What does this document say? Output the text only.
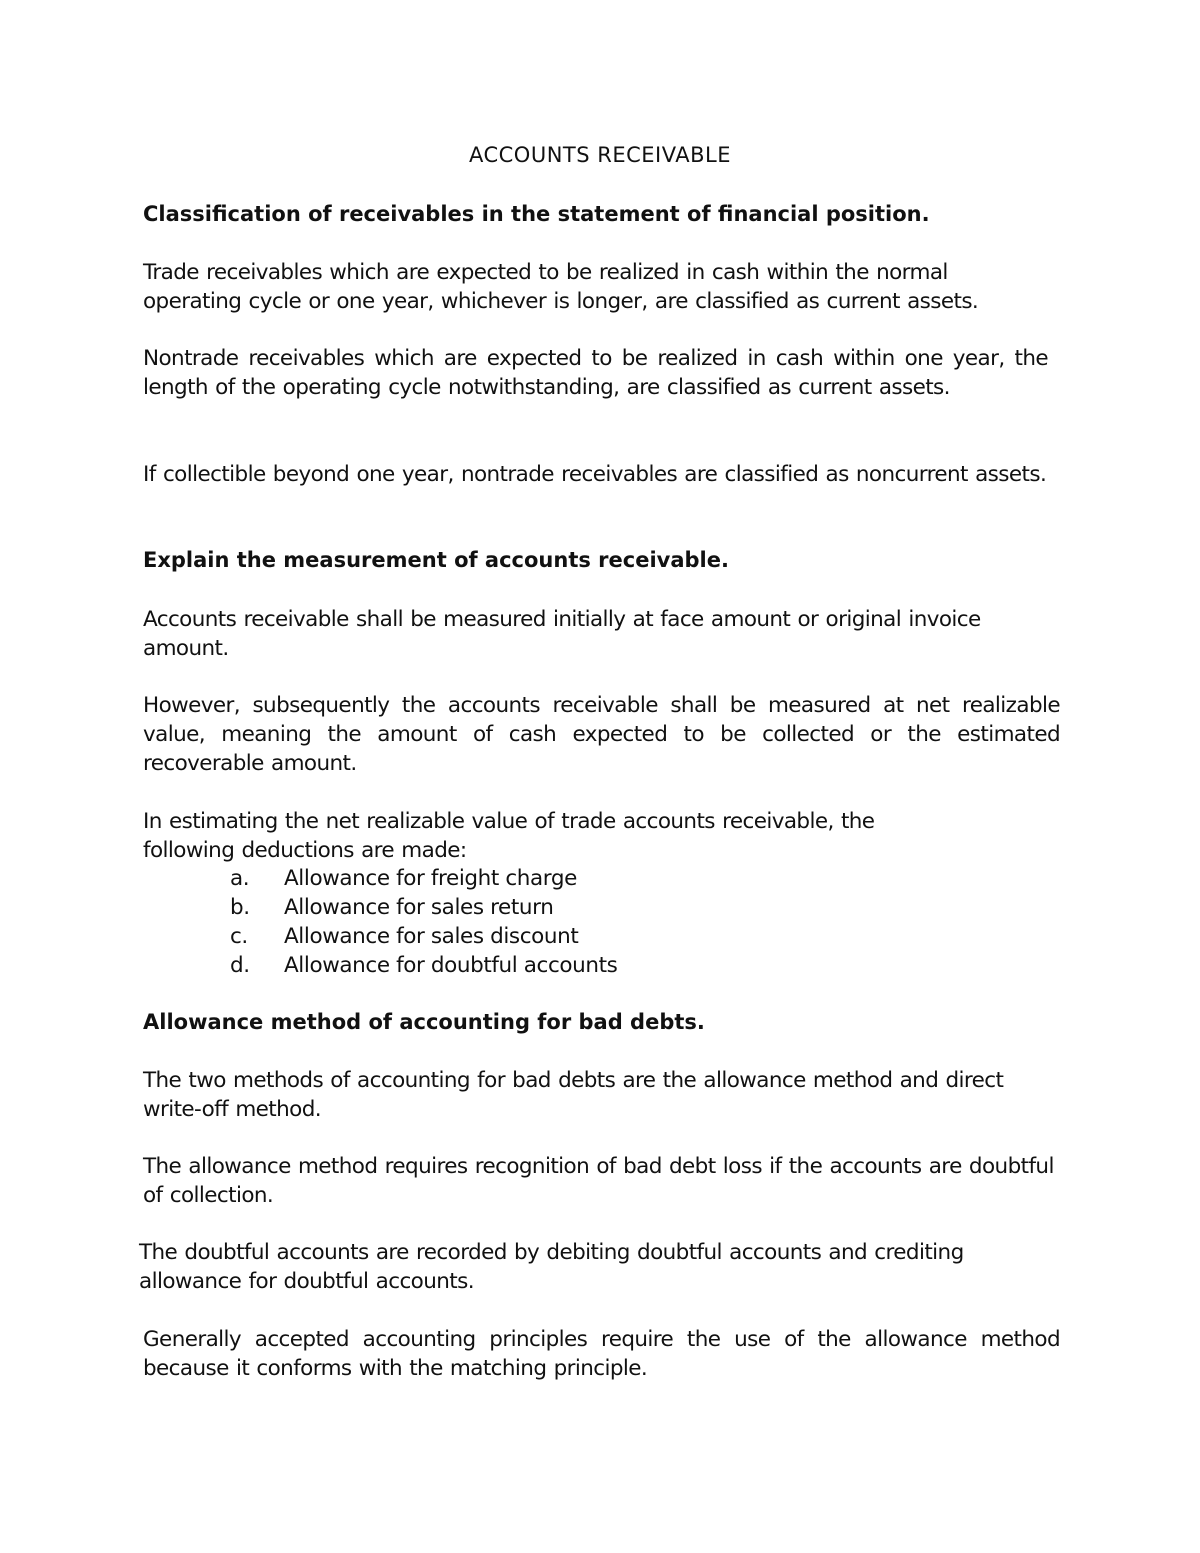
ACCOUNTS RECEIVABLE
Classification of receivables in the statement of financial position.

Trade receivables which are expected to be realized in cash within the normal operating cycle or one year, whichever is longer, are classified as current assets.

Nontrade receivables which are expected to be realized in cash within one year, the length of the operating cycle notwithstanding, are classified as current assets.

If collectible beyond one year, nontrade receivables are classified as noncurrent assets.

Explain the measurement of accounts receivable.

Accounts receivable shall be measured initially at face amount or original invoice amount.

However, subsequently the accounts receivable shall be measured at net realizable value, meaning the amount of cash expected to be collected or the estimated recoverable amount.

In estimating the net realizable value of trade accounts receivable, the following deductions are made:

a.	Allowance for freight charge
b.	Allowance for sales return
c.	Allowance for sales discount
d.	Allowance for doubtful accounts
Allowance method of accounting for bad debts.

The two methods of accounting for bad debts are the allowance method and direct write-off method.

The allowance method requires recognition of bad debt loss if the accounts are doubtful of collection.

The doubtful accounts are recorded by debiting doubtful accounts and crediting allowance for doubtful accounts.

Generally accepted accounting principles require the use of the allowance method because it conforms with the matching principle.
